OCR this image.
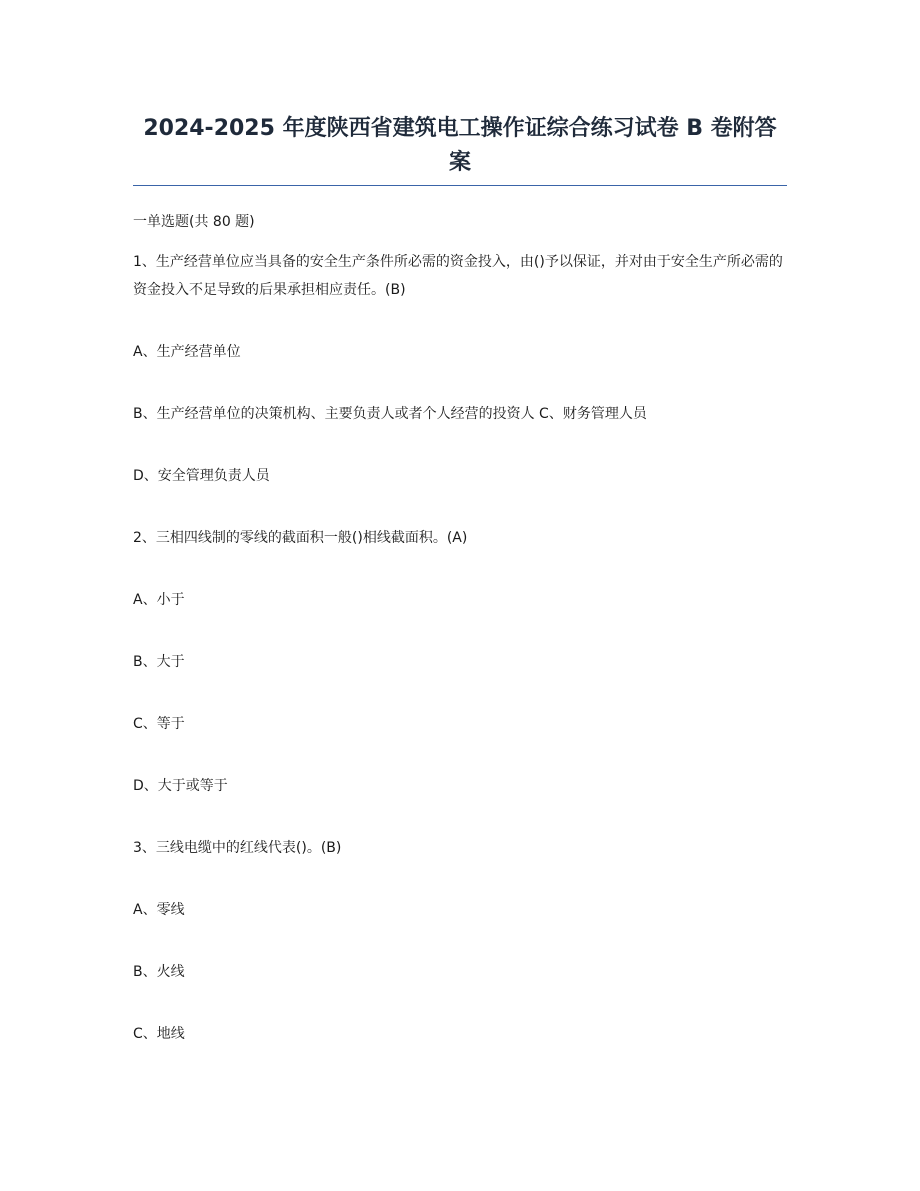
2024-2025 年度陕西省建筑电工操作证综合练习试卷 B 卷附答案

一单选题(共 80 题)

1、生产经营单位应当具备的安全生产条件所必需的资金投入，由()予以保证，并对由于安全生产所必需的资金投入不足导致的后果承担相应责任。(B)

A、生产经营单位

B、生产经营单位的决策机构、主要负责人或者个人经营的投资人 C、财务管理人员

D、安全管理负责人员

2、三相四线制的零线的截面积一般()相线截面积。(A)

A、小于

B、大于

C、等于

D、大于或等于

3、三线电缆中的红线代表()。(B)

A、零线

B、火线

C、地线
